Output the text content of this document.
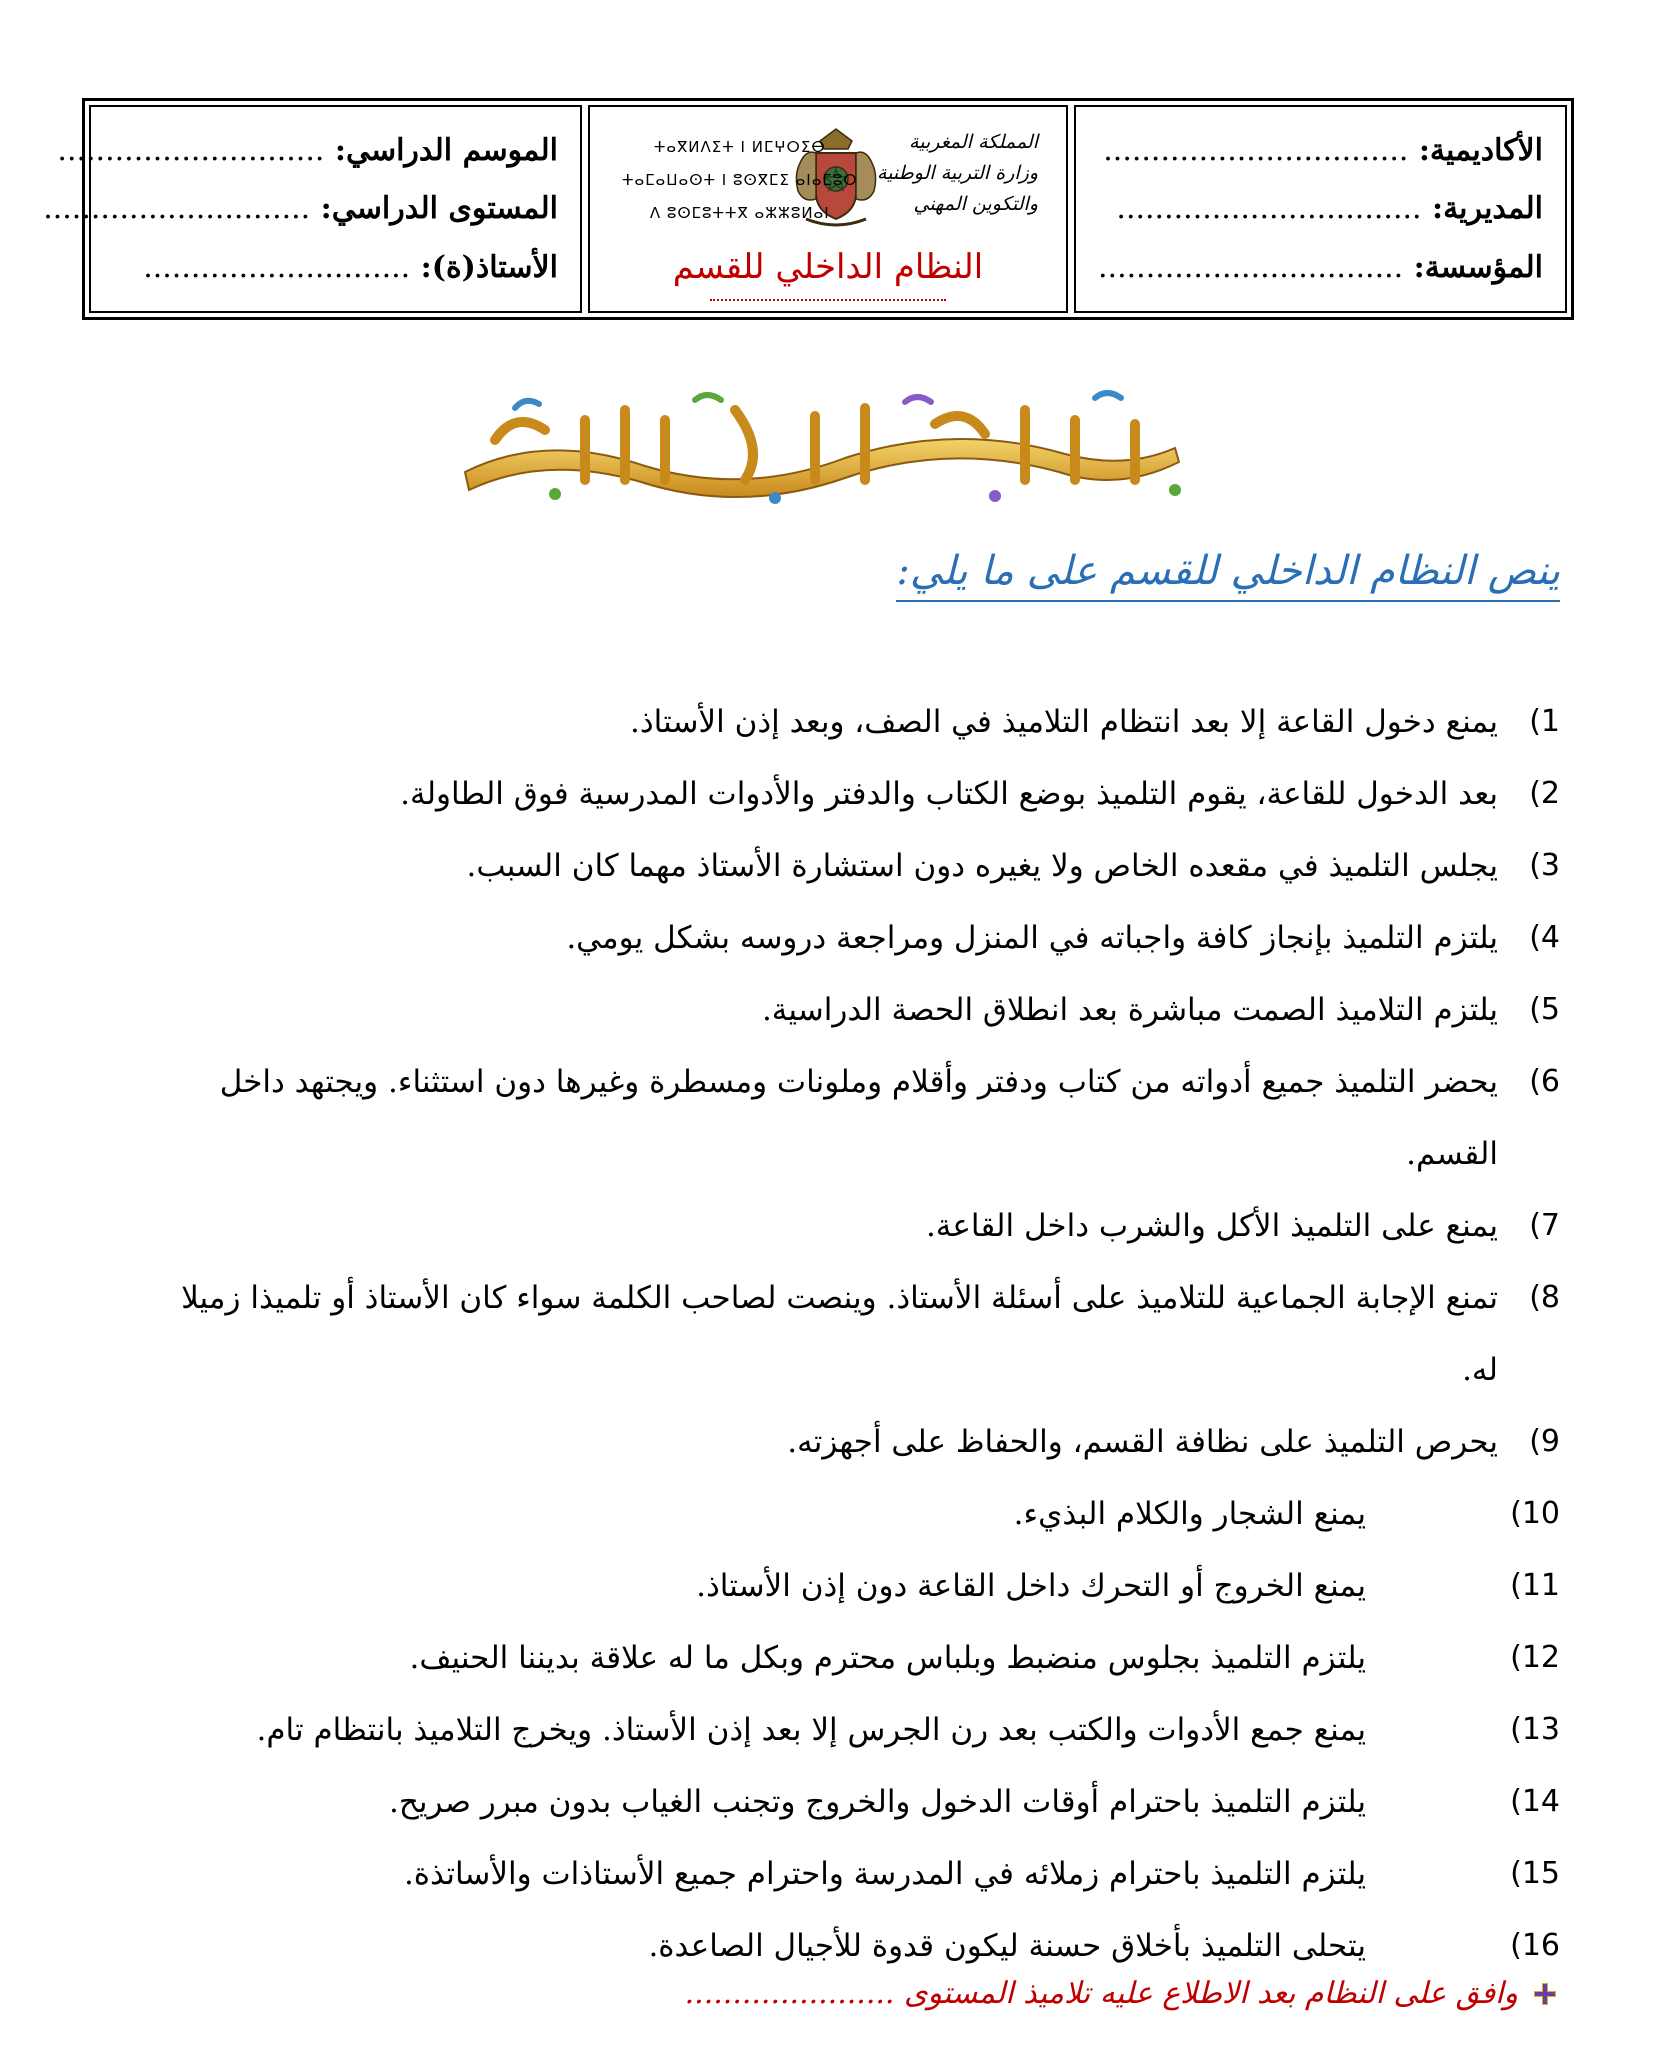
الأكاديمية: ................................
المديرية: ................................
المؤسسة: ................................
المملكة المغربية
وزارة التربية الوطنية
والتكوين المهني
ⵜⴰⴳⵍⴷⵉⵜ ⵏ ⵍⵎⵖⵔⵉⴱ
ⵜⴰⵎⴰⵡⴰⵙⵜ ⵏ ⵓⵙⴳⵎⵉ ⴰⵏⴰⵎⵓⵔ
ⴷ ⵓⵙⵎⵓⵜⵜⴳ ⴰⵣⵣⵓⵍⴰⵏ
النظام الداخلي للقسم
الموسم الدراسي: ............................
المستوى الدراسي: ............................
الأستاذ(ة): ............................
ينص النظام الداخلي للقسم على ما يلي:
(1
يمنع دخول القاعة إلا بعد انتظام التلاميذ في الصف، وبعد إذن الأستاذ.
(2
بعد الدخول للقاعة، يقوم التلميذ بوضع الكتاب والدفتر والأدوات المدرسية فوق الطاولة.
(3
يجلس التلميذ في مقعده الخاص ولا يغيره دون استشارة الأستاذ مهما كان السبب.
(4
يلتزم التلميذ بإنجاز كافة واجباته في المنزل ومراجعة دروسه بشكل يومي.
(5
يلتزم التلاميذ الصمت مباشرة بعد انطلاق الحصة الدراسية.
(6
يحضر التلميذ جميع أدواته من كتاب ودفتر وأقلام وملونات ومسطرة وغيرها دون استثناء. ويجتهد داخل القسم.
(7
يمنع على التلميذ الأكل والشرب داخل القاعة.
(8
تمنع الإجابة الجماعية للتلاميذ على أسئلة الأستاذ. وينصت لصاحب الكلمة سواء كان الأستاذ أو تلميذا زميلا له.
(9
يحرص التلميذ على نظافة القسم، والحفاظ على أجهزته.
(10
يمنع الشجار والكلام البذيء.
(11
يمنع الخروج أو التحرك داخل القاعة دون إذن الأستاذ.
(12
يلتزم التلميذ بجلوس منضبط وبلباس محترم وبكل ما له علاقة بديننا الحنيف.
(13
يمنع جمع الأدوات والكتب بعد رن الجرس إلا بعد إذن الأستاذ. ويخرج التلاميذ بانتظام تام.
(14
يلتزم التلميذ باحترام أوقات الدخول والخروج وتجنب الغياب بدون مبرر صريح.
(15
يلتزم التلميذ باحترام زملائه في المدرسة واحترام جميع الأستاذات والأساتذة.
(16
يتحلى التلميذ بأخلاق حسنة ليكون قدوة للأجيال الصاعدة.
وافق على النظام بعد الاطلاع عليه تلاميذ المستوى ......................
